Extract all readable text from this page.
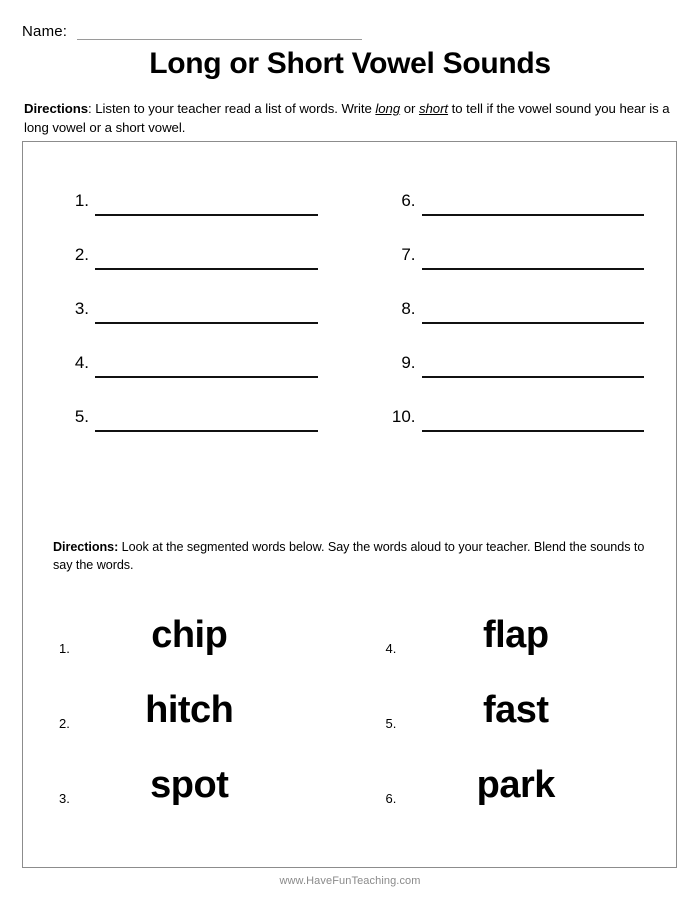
Name:
Long or Short Vowel Sounds
Directions: Listen to your teacher read a list of words. Write long or short to tell if the vowel sound you hear is a long vowel or a short vowel.
1.	6.
2.	7.
3.	8.
4.	9.
5.	10.
Directions: Look at the segmented words below. Say the words aloud to your teacher. Blend the sounds to say the words.
1.	chip	4.	flap
2.	hitch	5.	fast
3.	spot	6.	park
www.HaveFunTeaching.com
